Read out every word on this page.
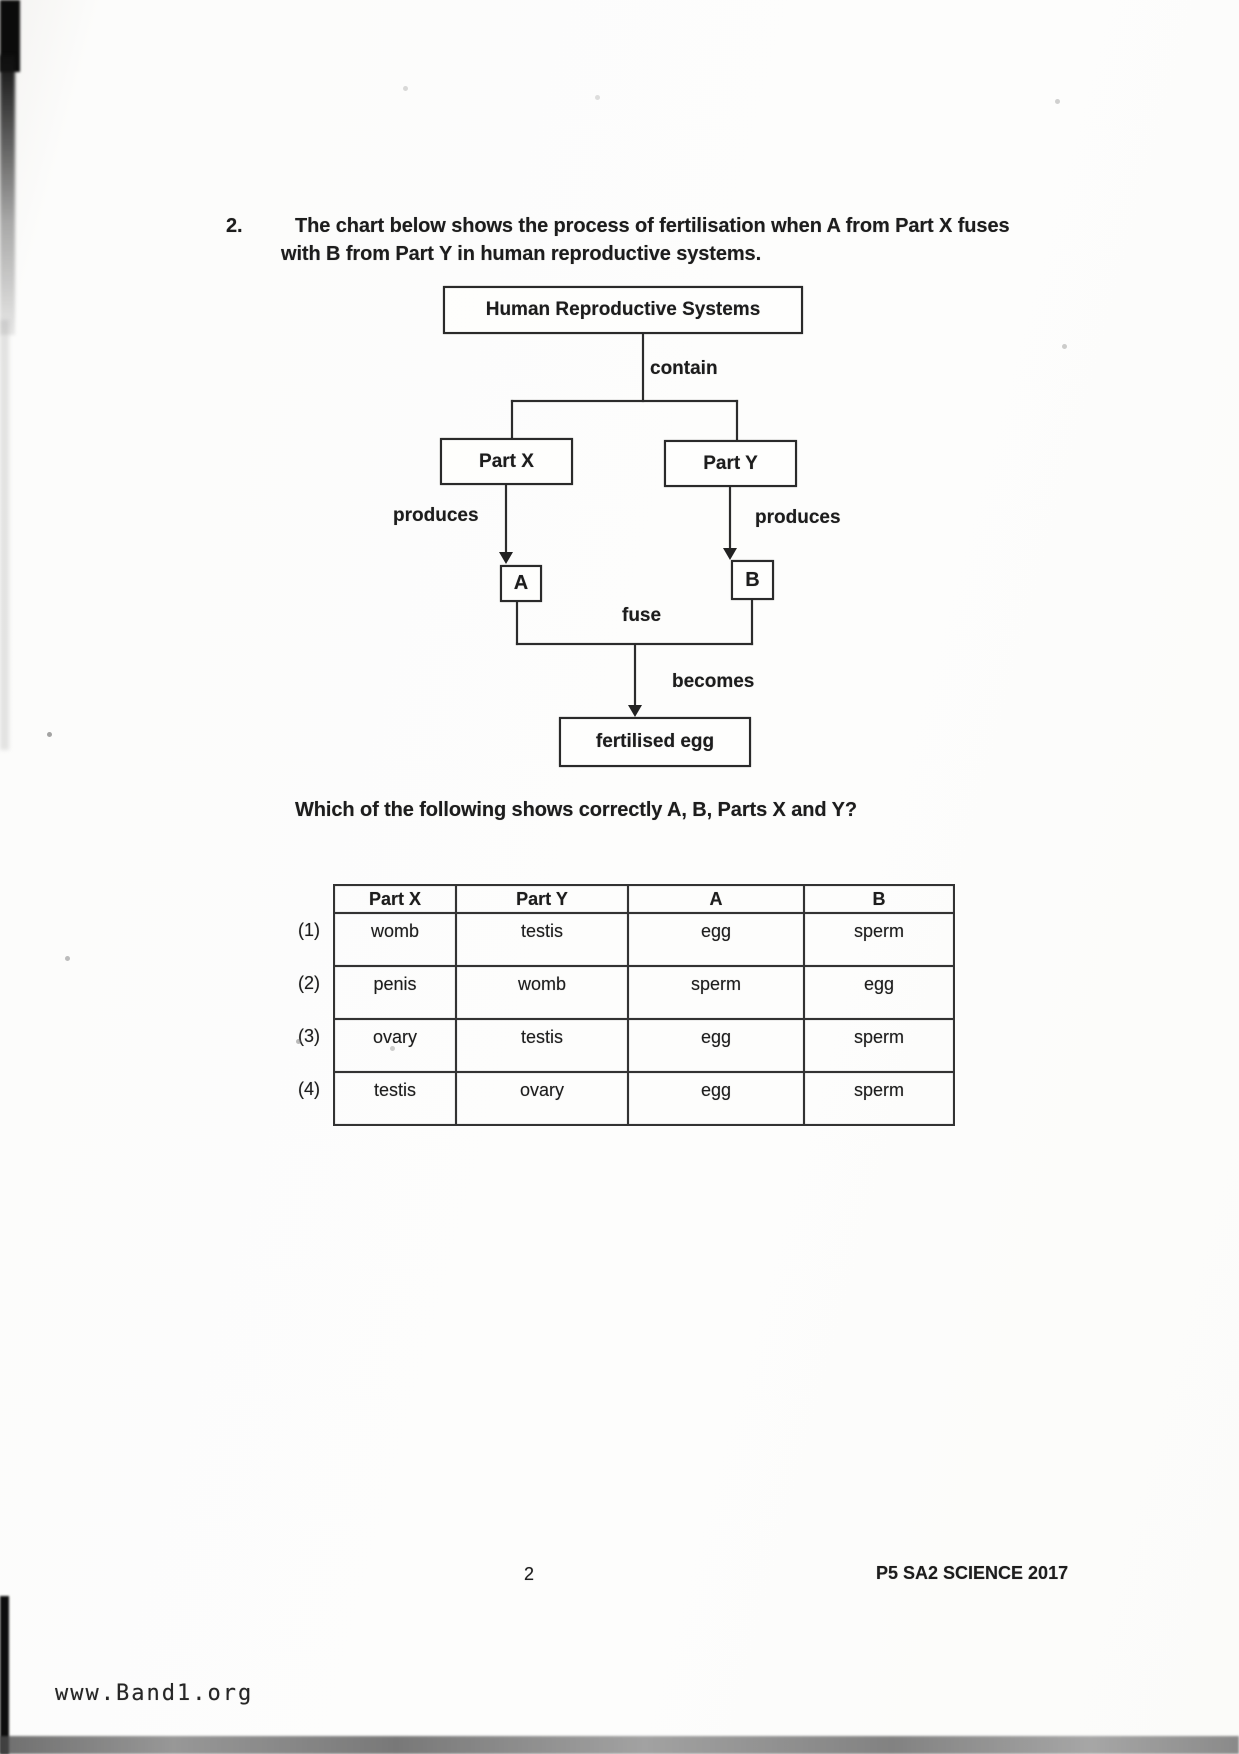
2.	The chart below shows the process of fertilisation when A from Part X fuses
with B from Part Y in human reproductive systems.
Human Reproductive Systems
contain
Part X	Part Y
produces	produces
A	B
fuse
becomes
fertilised egg
Which of the following shows correctly A, B, Parts X and Y?
(1)
(2)
(3)
(4)
Part X	Part Y	A	B
womb	testis	egg	sperm
penis	womb	sperm	egg
ovary	testis	egg	sperm
testis	ovary	egg	sperm
2	P5 SA2 SCIENCE 2017
www.Band1.org
